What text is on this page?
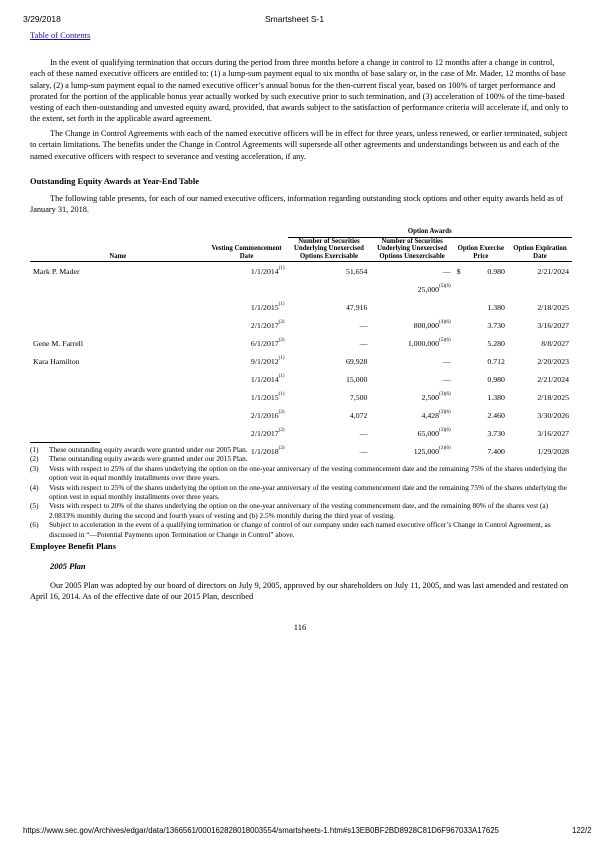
3/29/2018	Smartsheet S-1
Table of Contents

In the event of qualifying termination that occurs during the period from three months before a change in control to 12 months after a change in control, each of these named executive officers are entitled to: (1) a lump-sum payment equal to six months of base salary or, in the case of Mr. Mader, 12 months of base salary, (2) a lump-sum payment equal to the named executive officer’s annual bonus for the then-current fiscal year, based on 100% of target performance and prorated for the portion of the applicable bonus year actually worked by such executive prior to such termination, and (3) acceleration of 100% of the time-based vesting of each then-outstanding and unvested equity award, provided, that awards subject to the satisfaction of performance criteria will accelerate if, and only to the extent, set forth in the applicable award agreement.

The Change in Control Agreements with each of the named executive officers will be in effect for three years, unless renewed, or earlier terminated, subject to certain limitations. The benefits under the Change in Control Agreements will supersede all other agreements and understandings between us and each of the named executive officers with respect to severance and vesting acceleration, if any.

Outstanding Equity Awards at Year-End Table

The following table presents, for each of our named executive officers, information regarding outstanding stock options and other equity awards held as of January 31, 2018.

		Option Awards			
Name	Vesting Commencement Date	Number of Securities Underlying Unexercised Options Exercisable	Number of Securities Underlying Unexercised Options Unexercisable	Option Exercise Price	Option Expiration Date
Mark P. Mader	1/1/2014$^{(1)}$	51,654	—	$ 0.980	2/21/2024
			$25,000^{(5)(6)}$	

	1/1/2015$^{(1)}$	47,916		1.380	2/18/2025
	2/1/2017$^{(2)}$	—	$800,000^{(4)(6)}$	3.730	3/16/2027
Gene M. Farrell	6/1/2017$^{(2)}$	—	$1,000,000^{(5)(6)}$	5.280	8/8/2027
Kara Hamilton	9/1/2012$^{(1)}$	69,928	—	0.712	2/20/2023
	1/1/2014$^{(1)}$	15,000	—	0.980	2/21/2024
	1/1/2015$^{(1)}$	7,500	$2,500^{(3)(6)}$	1.380	2/18/2025
	2/1/2016$^{(2)}$	4,072	$4,428^{(3)(6)}$	2.460	3/30/2026
	2/1/2017$^{(2)}$	—	$65,000^{(3)(6)}$	3.730	3/16/2027
	1/1/2018$^{(2)}$	—	$125,000^{(3)(6)}$	7.400	1/29/2028
(1) These outstanding equity awards were granted under our 2005 Plan.
(2) These outstanding equity awards were granted under our 2015 Plan.
(3) Vests with respect to 25% of the shares underlying the option on the one-year anniversary of the vesting commencement date and the remaining 75% of the shares underlying the option vest in equal monthly installments over three years.
(4) Vests with respect to 25% of the shares underlying the option on the one-year anniversary of the vesting commencement date and the remaining 75% of the shares underlying the option vest in equal monthly installments over three years.
(5) Vests with respect to 20% of the shares underlying the option on the one-year anniversary of the vesting commencement date, and the remaining 80% of the shares vest (a) 2.0833% monthly during the second and fourth years of vesting and (b) 2.5% monthly during the third year of vesting.
(6) Subject to acceleration in the event of a qualifying termination or change of control of our company under each named executive officer’s Change in Control Agreement, as discussed in “—Potential Payments upon Termination or Change in Control” above.
Employee Benefit Plans
2005 Plan

Our 2005 Plan was adopted by our board of directors on July 9, 2005, approved by our shareholders on July 11, 2005, and was last amended and restated on April 16, 2014. As of the effective date of our 2015 Plan, described

116
https://www.sec.gov/Archives/edgar/data/1366561/000162828018003554/smartsheets-1.htm#s13EB0BF2BD8928C81D6F967033A17625	122/2
